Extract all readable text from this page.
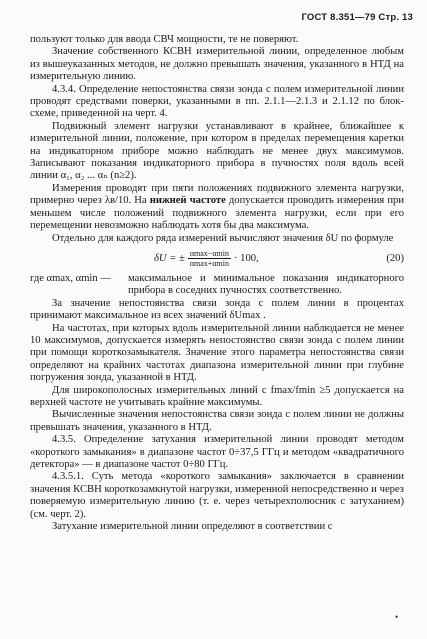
ГОСТ 8.351—79 Стр. 13

пользуют только для ввода СВЧ мощности, те не поверяют.

Значение собственного КСВН измерительной линии, определенное любым из вышеуказанных методов, не должно превышать значения, указанного в НТД на измерительную линию.

4.3.4. Определение непостоянства связи зонда с полем измерительной линии проводят средствами поверки, указанными в пп. 2.1.1—2.1.3 и 2.1.12 по блок-схеме, приведенной на черт. 4.

Подвижный элемент нагрузки устанавливают в крайнее, ближайшее к измерительной линии, положение, при котором в пределах перемещения каретки на индикаторном приборе можно наблюдать не менее двух максимумов. Записывают показания индикаторного прибора в пучностях поля вдоль всей линии α₁, α₂ ... αₙ (n≥2).

Измерения проводят при пяти положениях подвижного элемента нагрузки, примерно через λв/10. На нижней частоте допускается проводить измерения при меньшем числе положений подвижного элемента нагрузки, если при его перемещении невозможно наблюдать хотя бы два максимума.

Отдельно для каждого ряда измерений вычисляют значения δU по формуле

δU = ± $\frac{\alpha\max-\alpha\min}{\alpha\max+\alpha\min} \cdot 100$,	(20)
где αmax, αmin —	максимальное и минимальное показания индикаторного прибора в соседних пучностях соответственно.

За значение непостоянства связи зонда с полем линии в процентах принимают максимальное из всех значений δUmax .

На частотах, при которых вдоль измерительной линии наблюдается не менее 10 максимумов, допускается измерять непостоянство связи зонда с полем линии при помощи короткозамыкателя. Значение этого параметра непостоянства связи определяют на крайних частотах диапазона измерительной линии при глубине погружения зонда, указанной в НТД.

Для широкополосных измерительных линий с fmax/fmin ≥5 допускается на верхней частоте не учитывать крайние максимумы.

Вычисленные значения непостоянства связи зонда с полем линии не должны превышать значения, указанного в НТД.

4.3.5. Определение затухания измерительной линии проводят методом «короткого замыкания» в диапазоне частот 0÷37,5 ГГц и методом «квадратичного детектора» — в диапазоне частот 0÷80 ГГц.

4.3.5.1. Суть метода «короткого замыкания» заключается в сравнении значения КСВН короткозамкнутой нагрузки, измеренной непосредственно и через поверяемую измерительную линию (т. е. через четырехполюсник с затуханием) (см. черт. 2).

Затухание измерительной линии определяют в соответствии с

•
